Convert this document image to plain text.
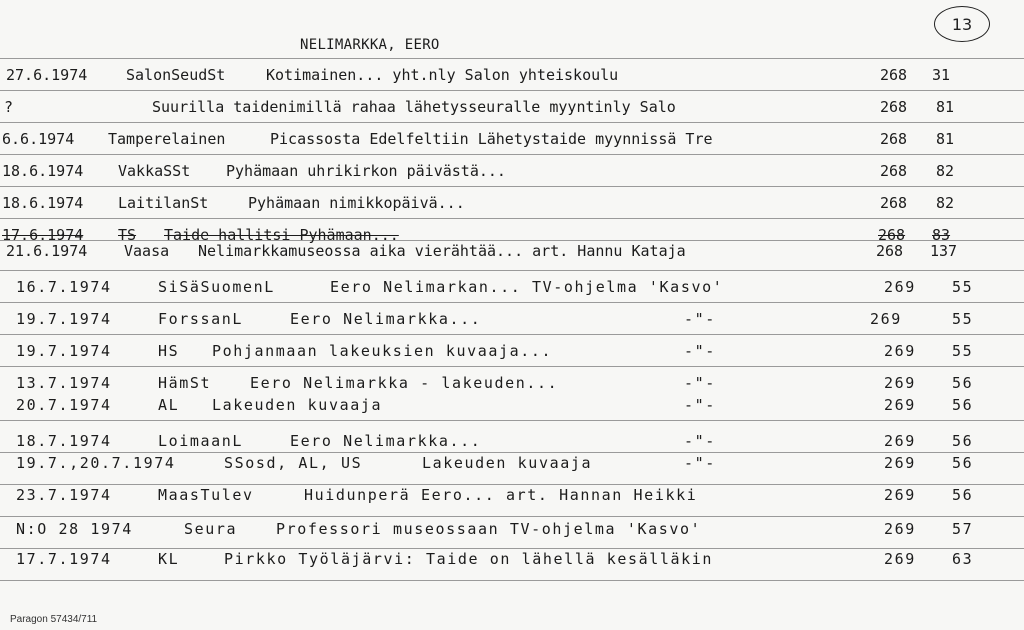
NELIMARKKA, EERO
13
27.6.1974	SalonSeudSt	Kotimainen... yht.nly Salon yhteiskoulu	268 31
?	Suurilla taidenimillä rahaa lähetysseuralle myyntinly Salo	268 81
6.6.1974 Tamperelainen	Picassosta Edelfeltiin Lähetystaide myynnissä Tre	268 81
18.6.1974 VakkaSSt Pyhämaan uhrikirkon päivästä...	268 82
18.6.1974 LaitilanSt	Pyhämaan nimikkopäivä...	268 82
17.6.1974 TS Taide hallitsi Pyhämaan...	268 83
21.6.1974 Vaasa Nelimarkkamuseossa aika vierähtää... art. Hannu Kataja	268 137
16.7.1974	SiSäSuomenL	Eero Nelimarkan... TV-ohjelma 'Kasvo'	269 55
19.7.1974	ForssanL	Eero Nelimarkka...	-"-	269	55
19.7.1974	HS Pohjanmaan lakeuksien kuvaaja...	-"-	269 55
13.7.1974	HämSt	Eero Nelimarkka - lakeuden...	-"-	269 56
20.7.1974	AL Lakeuden kuvaaja	-"-	269 56
18.7.1974	LoimaanL	Eero Nelimarkka...	-"-	269 56
19.7.,20.7.1974	SSosd, AL, US	Lakeuden kuvaaja	-"-	269 56
23.7.1974	MaasTulev	Huidunperä Eero... art. Hannan Heikki	269 56
N:O 28 1974	Seura	Professori museossaan TV-ohjelma 'Kasvo'	269 57
17.7.1974	KL	Pirkko Työläjärvi: Taide on lähellä kesälläkin	269 63
Paragon 57434/711
